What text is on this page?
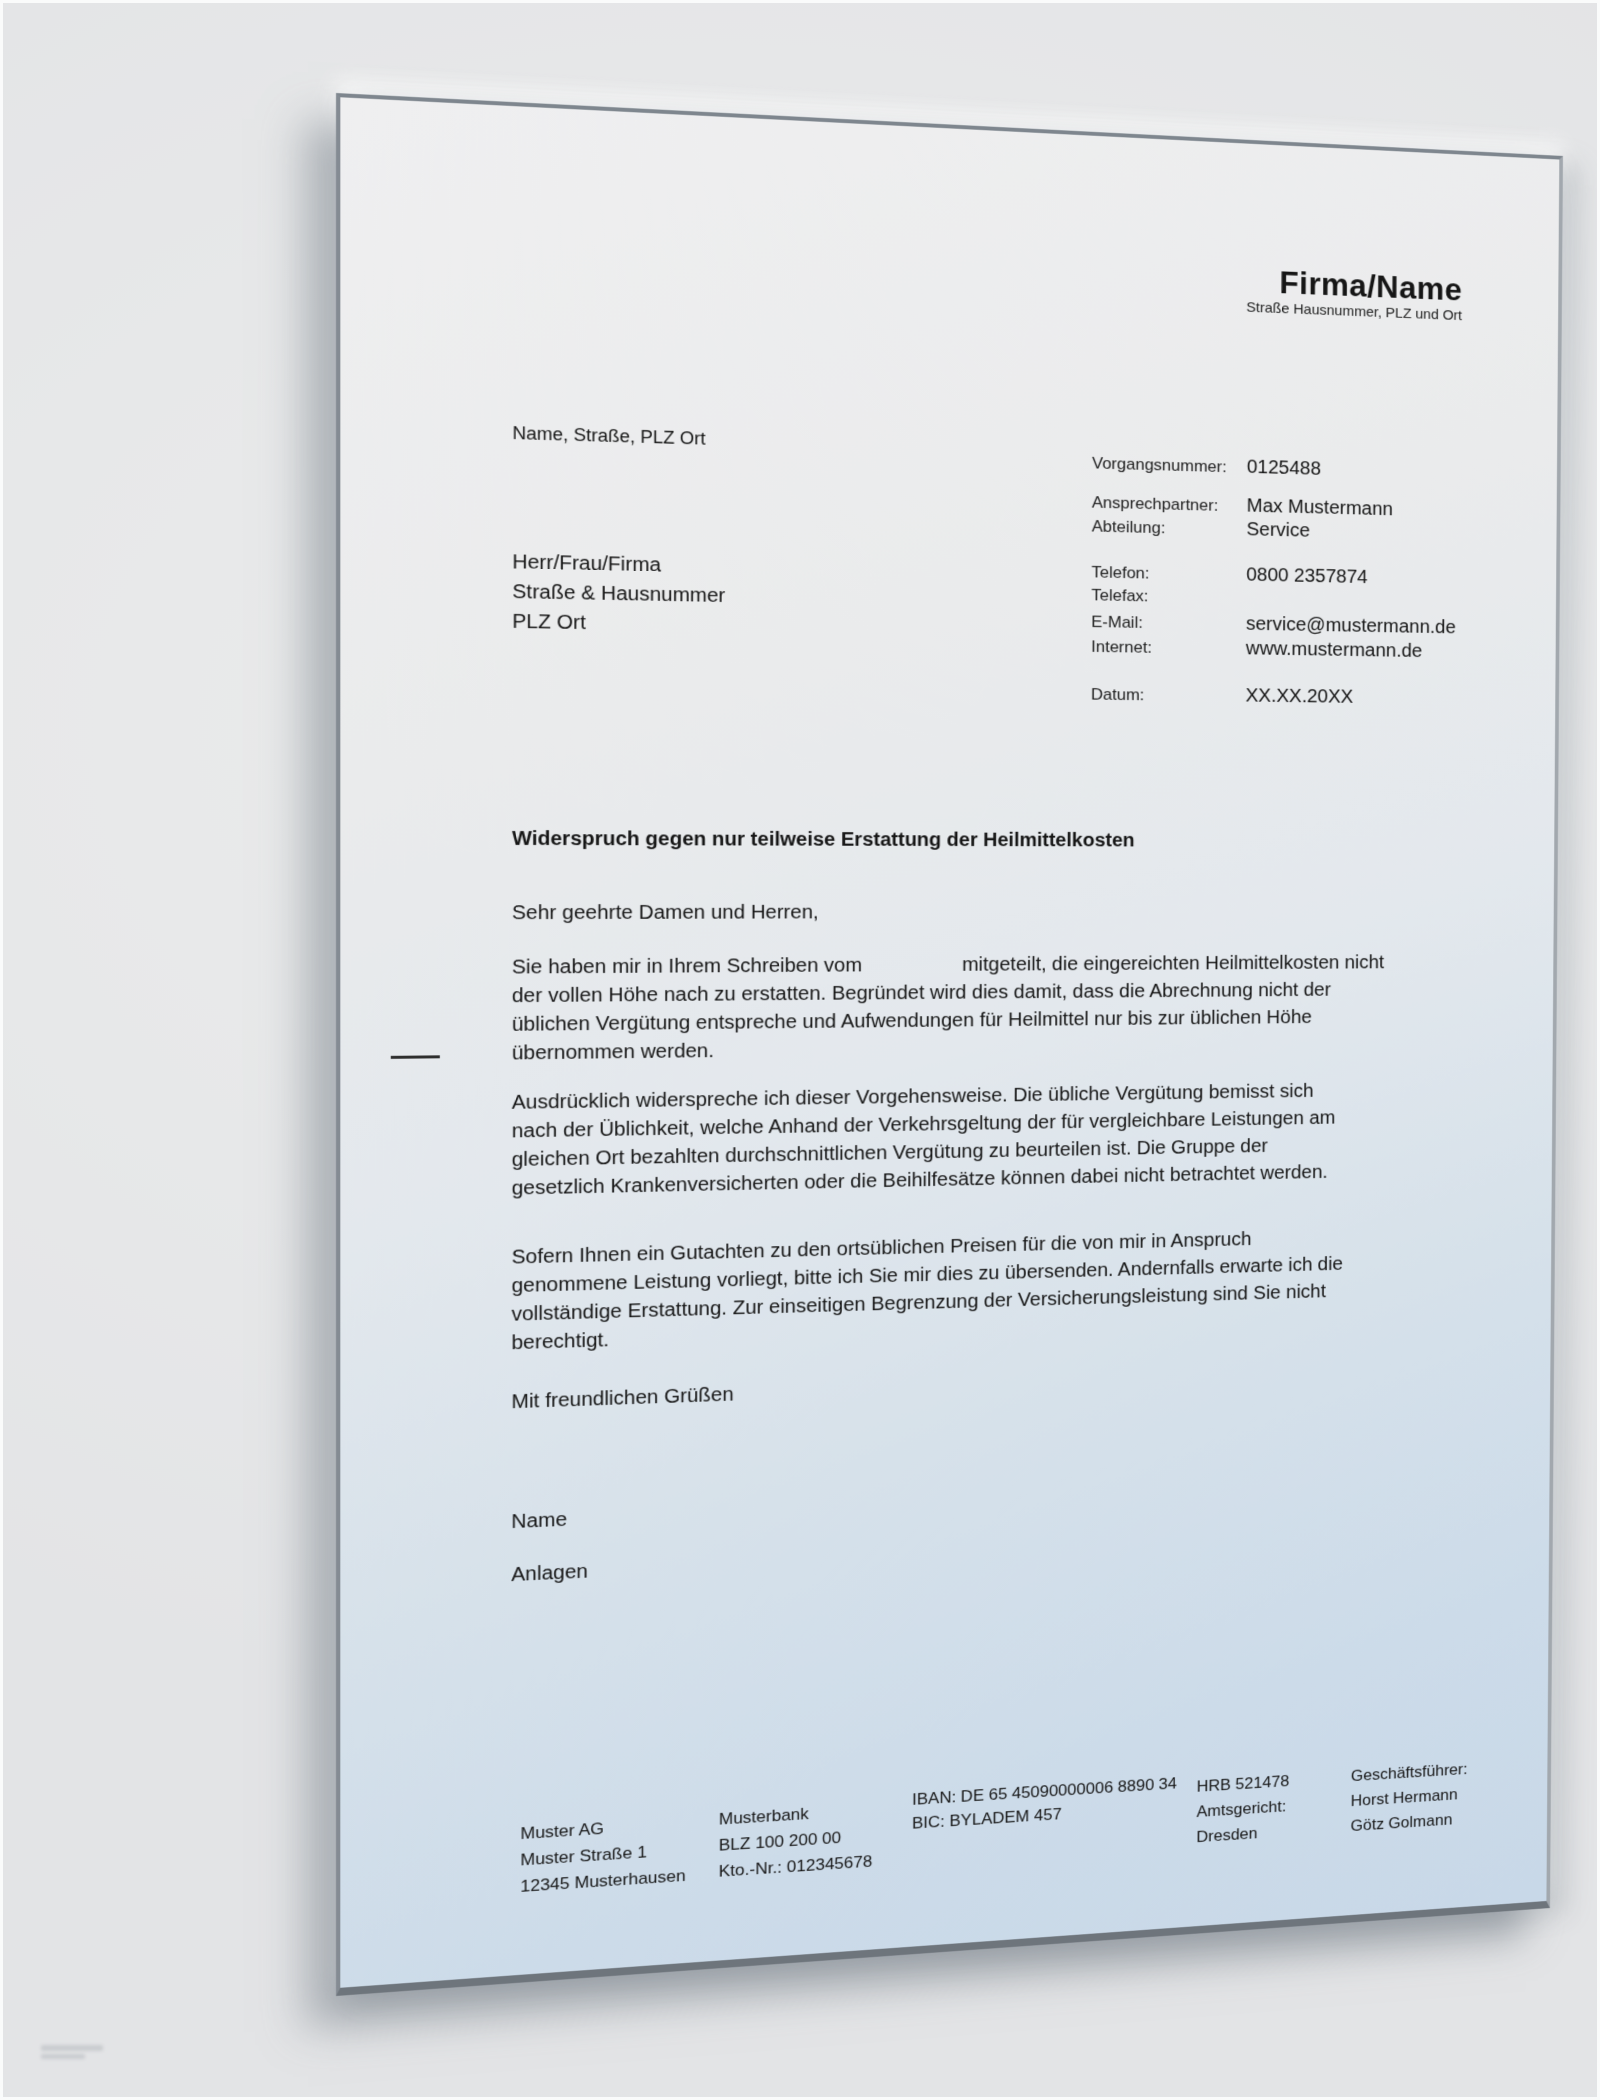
Firma/Name
Straße Hausnummer, PLZ und Ort
Name, Straße, PLZ Ort
Herr/Frau/Firma
Straße & Hausnummer
PLZ Ort
Vorgangsnummer:	0125488
Ansprechpartner:	Max Mustermann
Abteilung:	Service
Telefon:	0800 2357874
Telefax:
E-Mail:	service@mustermann.de
Internet:	www.mustermann.de
Datum:	XX.XX.20XX
Widerspruch gegen nur teilweise Erstattung der Heilmittelkosten
Sehr geehrte Damen und Herren,
Sie haben mir in Ihrem Schreiben vom                  mitgeteilt, die eingereichten Heilmittelkosten nicht
der vollen Höhe nach zu erstatten. Begründet wird dies damit, dass die Abrechnung nicht der
üblichen Vergütung entspreche und Aufwendungen für Heilmittel nur bis zur üblichen Höhe
übernommen werden.
Ausdrücklich widerspreche ich dieser Vorgehensweise. Die übliche Vergütung bemisst sich
nach der Üblichkeit, welche Anhand der Verkehrsgeltung der für vergleichbare Leistungen am
gleichen Ort bezahlten durchschnittlichen Vergütung zu beurteilen ist. Die Gruppe der
gesetzlich Krankenversicherten oder die Beihilfesätze können dabei nicht betrachtet werden.
Sofern Ihnen ein Gutachten zu den ortsüblichen Preisen für die von mir in Anspruch
genommene Leistung vorliegt, bitte ich Sie mir dies zu übersenden. Andernfalls erwarte ich die
vollständige Erstattung. Zur einseitigen Begrenzung der Versicherungsleistung sind Sie nicht
berechtigt.
Mit freundlichen Grüßen
Name
Anlagen
Muster AG
Muster Straße 1
12345 Musterhausen
Musterbank
BLZ 100 200 00
Kto.-Nr.: 012345678
IBAN: DE 65 45090000006 8890 34
BIC: BYLADEM 457
HRB 521478
Amtsgericht:
Dresden
Geschäftsführer:
Horst Hermann
Götz Golmann
